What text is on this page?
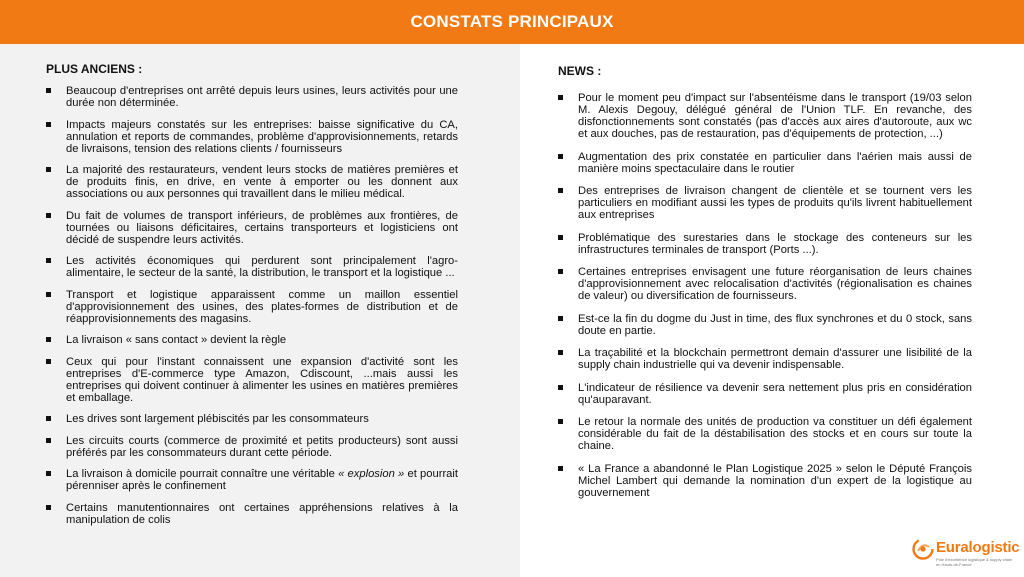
CONSTATS PRINCIPAUX
PLUS ANCIENS :
Beaucoup d'entreprises ont arrêté depuis leurs usines, leurs activités pour une durée non déterminée.
Impacts majeurs constatés sur les entreprises: baisse significative du CA, annulation et reports de commandes, problème d'approvisionnements, retards de livraisons, tension des relations clients / fournisseurs
La majorité des restaurateurs, vendent leurs stocks de matières premières et de produits finis, en drive, en vente à emporter ou les donnent aux associations ou aux personnes qui travaillent dans le milieu médical.
Du fait de volumes de transport inférieurs, de problèmes aux frontières, de tournées ou liaisons déficitaires, certains transporteurs et logisticiens ont décidé de suspendre leurs activités.
Les activités économiques qui perdurent sont principalement l'agro-alimentaire, le secteur de la santé, la distribution, le transport et la logistique ...
Transport et logistique apparaissent comme un maillon essentiel d'approvisionnement des usines, des plates-formes de distribution et de réapprovisionnements des magasins.
La livraison « sans contact » devient la règle
Ceux qui pour l'instant connaissent une expansion d'activité sont les entreprises d'E-commerce type Amazon, Cdiscount, ...mais aussi les entreprises qui doivent continuer à alimenter les usines en matières premières et emballage.
Les drives sont largement plébiscités par les consommateurs
Les circuits courts (commerce de proximité et petits producteurs) sont aussi préférés par les consommateurs durant cette période.
La livraison à domicile pourrait connaître une véritable « explosion » et pourrait pérenniser après le confinement
Certains manutentionnaires ont certaines appréhensions relatives à la manipulation de colis
NEWS :
Pour le moment peu d'impact sur l'absentéisme dans le transport (19/03 selon M. Alexis Degouy, délégué général de l'Union TLF. En revanche, des disfonctionnements sont constatés (pas d'accès aux aires d'autoroute, aux wc et aux douches, pas de restauration, pas d'équipements de protection, ...)
Augmentation des prix constatée en particulier dans l'aérien mais aussi de manière moins spectaculaire dans le routier
Des entreprises de livraison changent de clientèle et se tournent vers les particuliers en modifiant aussi les types de produits qu'ils livrent habituellement aux entreprises
Problématique des surestaries dans le stockage des conteneurs sur les infrastructures terminales de transport (Ports ...).
Certaines entreprises envisagent une future réorganisation de leurs chaines d'approvisionnement avec relocalisation d'activités (régionalisation es chaines de valeur) ou diversification de fournisseurs.
Est-ce la fin du dogme du Just in time, des flux synchrones et du 0 stock, sans doute en partie.
La traçabilité et la blockchain permettront demain d'assurer une lisibilité de la supply chain industrielle qui va devenir indispensable.
L'indicateur de résilience va devenir sera nettement plus pris en considération qu'auparavant.
Le retour la normale des unités de production va constituer un défi également considérable du fait de la déstabilisation des stocks et en cours sur toute la chaine.
« La France a abandonné le Plan Logistique 2025 » selon le Député François Michel Lambert qui demande la nomination d'un expert de la logistique au gouvernement
Euralogistic
Pôle d'excellence logistique & supply chain en Hauts-de-France
